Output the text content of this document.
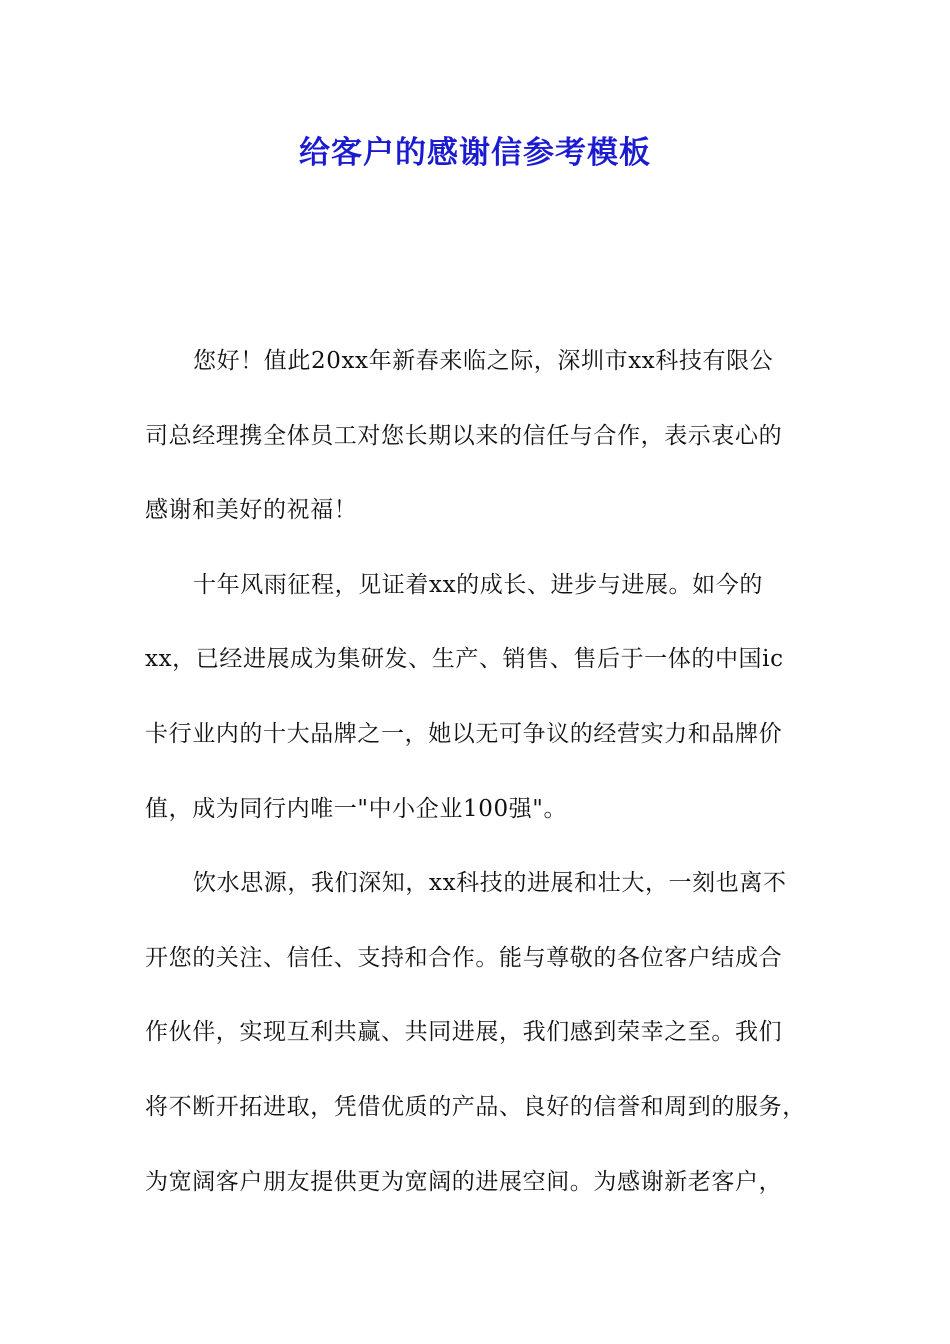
给客户的感谢信参考模板
您好！值此20xx年新春来临之际，深圳市xx科技有限公
司总经理携全体员工对您长期以来的信任与合作，表示衷心的
感谢和美好的祝福！
十年风雨征程，见证着xx的成长、进步与进展。如今的
xx，已经进展成为集研发、生产、销售、售后于一体的中国ic
卡行业内的十大品牌之一，她以无可争议的经营实力和品牌价
值，成为同行内唯一"中小企业100强"。
饮水思源，我们深知，xx科技的进展和壮大，一刻也离不
开您的关注、信任、支持和合作。能与尊敬的各位客户结成合
作伙伴，实现互利共赢、共同进展，我们感到荣幸之至。我们
将不断开拓进取，凭借优质的产品、良好的信誉和周到的服务，
为宽阔客户朋友提供更为宽阔的进展空间。为感谢新老客户，
